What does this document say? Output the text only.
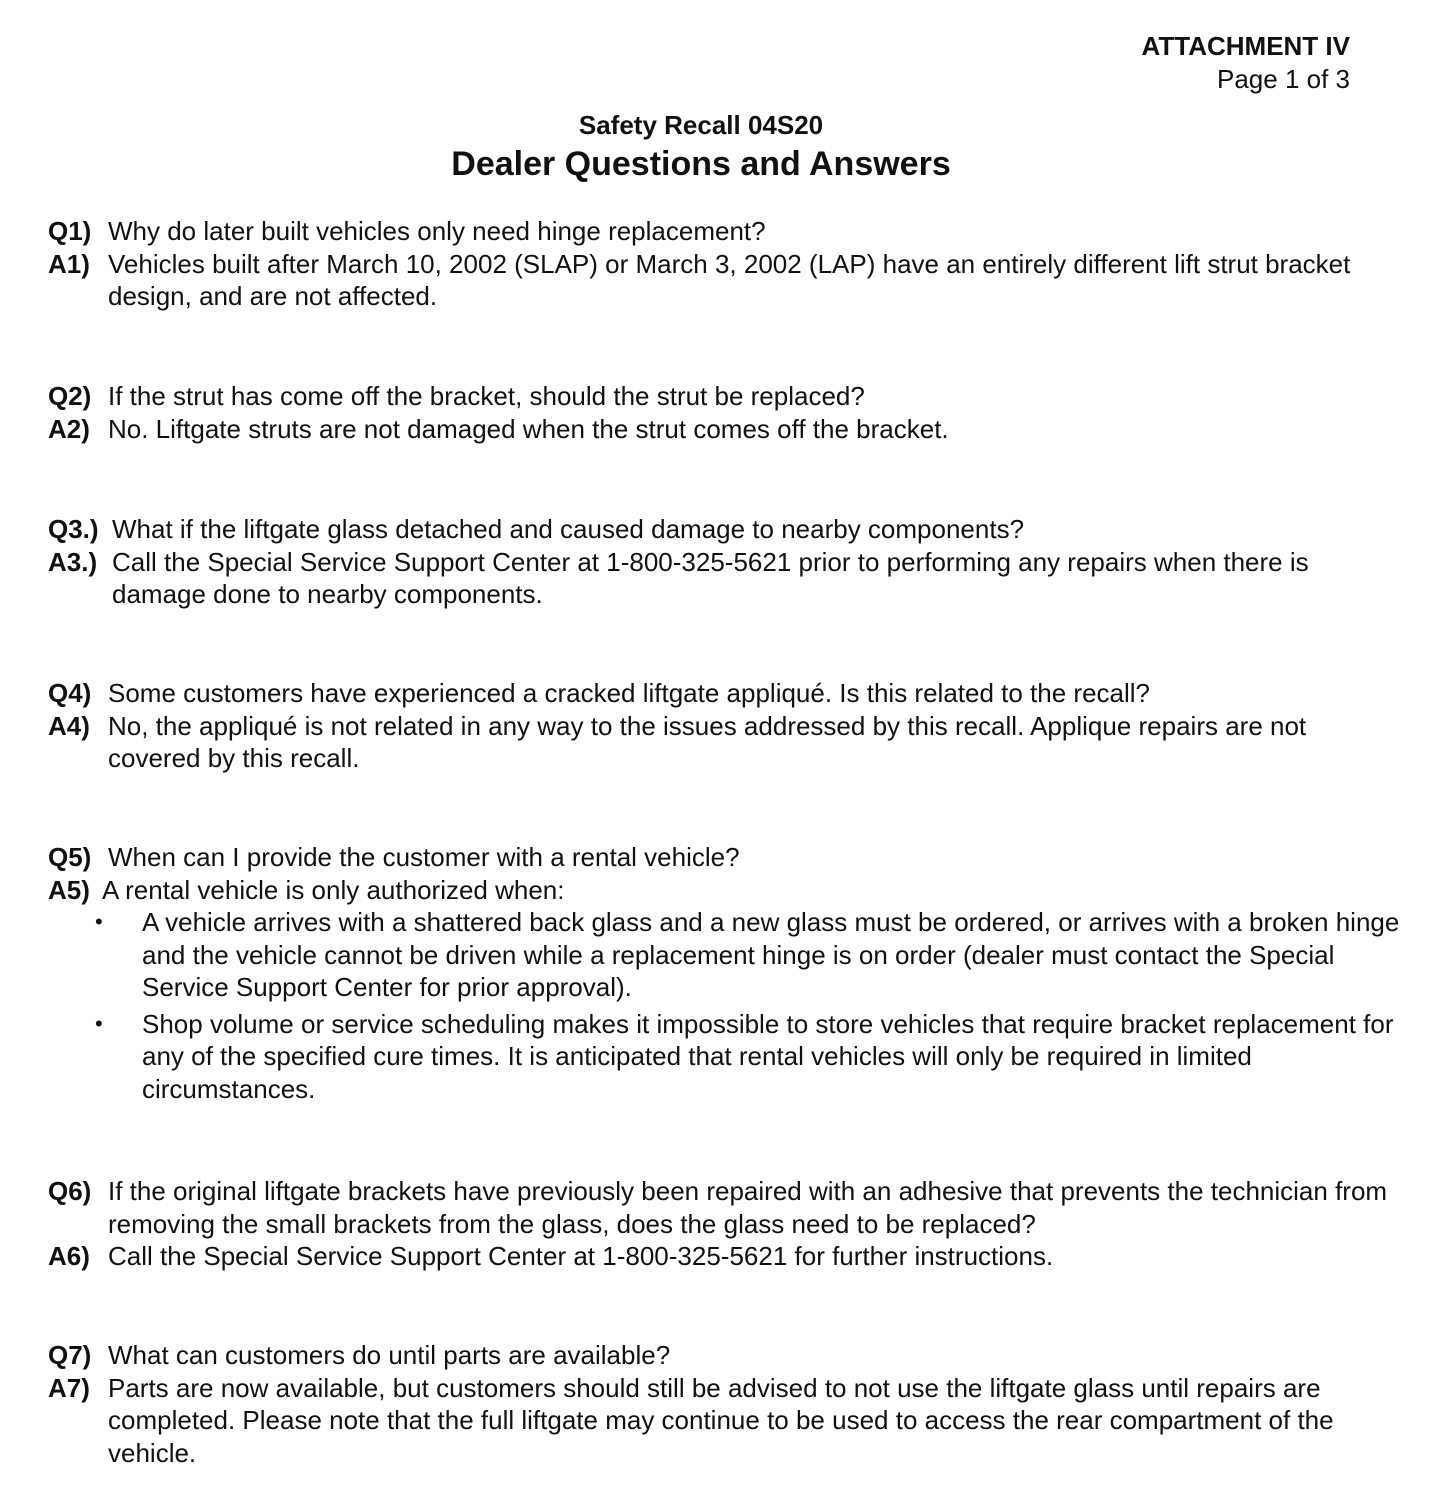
ATTACHMENT IV
Page 1 of 3
Safety Recall 04S20
Dealer Questions and Answers
Q1) Why do later built vehicles only need hinge replacement?
A1) Vehicles built after March 10, 2002 (SLAP) or March 3, 2002 (LAP) have an entirely different lift strut bracket design, and are not affected.
Q2) If the strut has come off the bracket, should the strut be replaced?
A2) No. Liftgate struts are not damaged when the strut comes off the bracket.
Q3.) What if the liftgate glass detached and caused damage to nearby components?
A3.) Call the Special Service Support Center at 1-800-325-5621 prior to performing any repairs when there is damage done to nearby components.
Q4) Some customers have experienced a cracked liftgate appliqué. Is this related to the recall?
A4) No, the appliqué is not related in any way to the issues addressed by this recall. Applique repairs are not covered by this recall.
Q5) When can I provide the customer with a rental vehicle?
A5) A rental vehicle is only authorized when:
• A vehicle arrives with a shattered back glass and a new glass must be ordered, or arrives with a broken hinge and the vehicle cannot be driven while a replacement hinge is on order (dealer must contact the Special Service Support Center for prior approval).
• Shop volume or service scheduling makes it impossible to store vehicles that require bracket replacement for any of the specified cure times. It is anticipated that rental vehicles will only be required in limited circumstances.
Q6) If the original liftgate brackets have previously been repaired with an adhesive that prevents the technician from removing the small brackets from the glass, does the glass need to be replaced?
A6) Call the Special Service Support Center at 1-800-325-5621 for further instructions.
Q7) What can customers do until parts are available?
A7) Parts are now available, but customers should still be advised to not use the liftgate glass until repairs are completed. Please note that the full liftgate may continue to be used to access the rear compartment of the vehicle.
